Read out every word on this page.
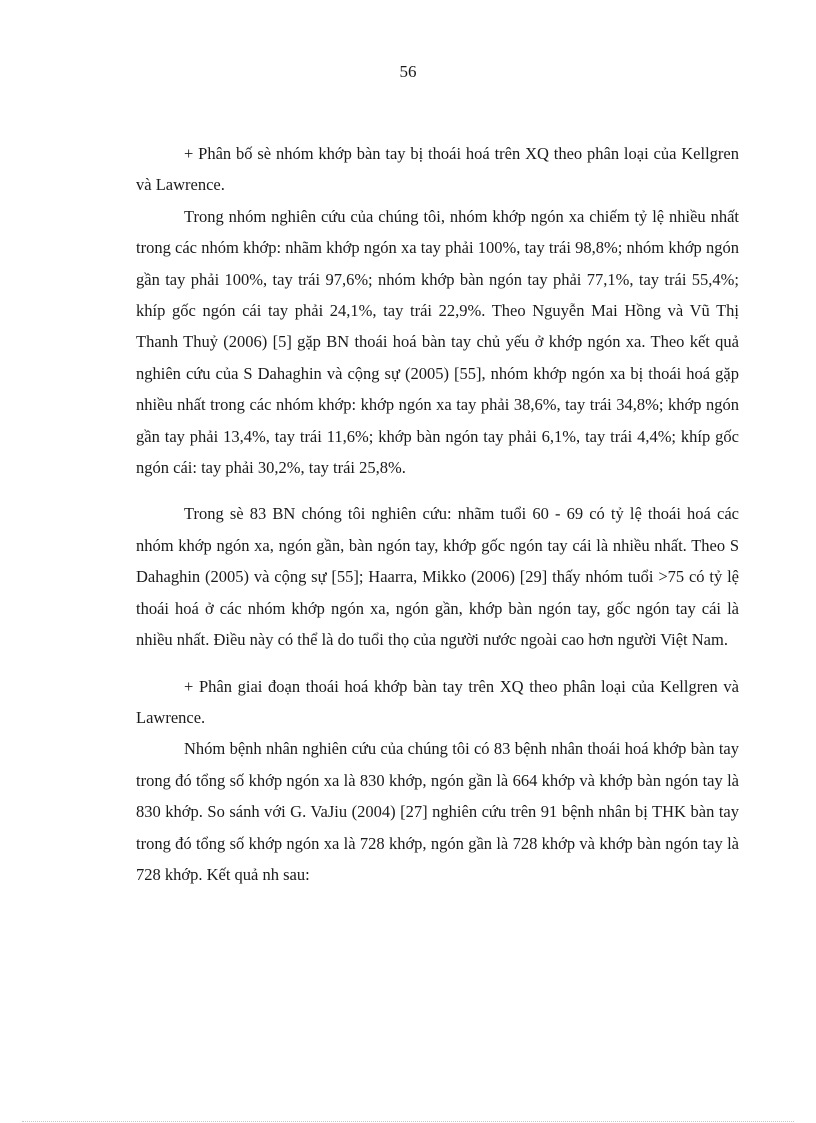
56

+ Phân bố sè nhóm khớp bàn tay bị thoái hoá trên XQ theo phân loại của Kellgren và Lawrence.

Trong nhóm nghiên cứu của chúng tôi, nhóm khớp ngón xa chiếm tỷ lệ nhiều nhất trong các nhóm khớp: nhãm khớp ngón xa tay phải 100%, tay trái 98,8%; nhóm khớp ngón gần tay phải 100%, tay trái 97,6%; nhóm khớp bàn ngón tay phải 77,1%, tay trái 55,4%; khíp gốc ngón cái tay phải 24,1%, tay trái 22,9%. Theo Nguyễn Mai Hồng và Vũ Thị Thanh Thuỷ (2006) [5] gặp BN thoái hoá bàn tay chủ yếu ở khớp ngón xa. Theo kết quả nghiên cứu của S Dahaghin và cộng sự (2005) [55], nhóm khớp ngón xa bị thoái hoá gặp nhiều nhất trong các nhóm khớp: khớp ngón xa tay phải 38,6%, tay trái 34,8%; khớp ngón gần tay phải 13,4%, tay trái 11,6%; khớp bàn ngón tay phải 6,1%, tay trái 4,4%; khíp gốc ngón cái: tay phải 30,2%, tay trái 25,8%.

Trong sè 83 BN chóng tôi nghiên cứu: nhãm tuổi 60 - 69 có tỷ lệ thoái hoá các nhóm khớp ngón xa, ngón gần, bàn ngón tay, khớp gốc ngón tay cái là nhiều nhất. Theo S Dahaghin (2005) và cộng sự [55]; Haarra, Mikko (2006) [29] thấy nhóm tuổi >75 có tỷ lệ thoái hoá ở các nhóm khớp ngón xa, ngón gần, khớp bàn ngón tay, gốc ngón tay cái là nhiều nhất. Điều này có thể là do tuổi thọ của người nước ngoài cao hơn người Việt Nam.

+ Phân giai đoạn thoái hoá khớp bàn tay trên XQ theo phân loại của Kellgren và Lawrence.

Nhóm bệnh nhân nghiên cứu của chúng tôi có 83 bệnh nhân thoái hoá khớp bàn tay trong đó tổng số khớp ngón xa là 830 khớp, ngón gần là 664 khớp và khớp bàn ngón tay là 830 khớp. So sánh với G. VaJiu (2004) [27] nghiên cứu trên 91 bệnh nhân bị THK bàn tay trong đó tổng số khớp ngón xa là 728 khớp, ngón gần là 728 khớp và khớp bàn ngón tay là 728 khớp. Kết quả nh sau:
